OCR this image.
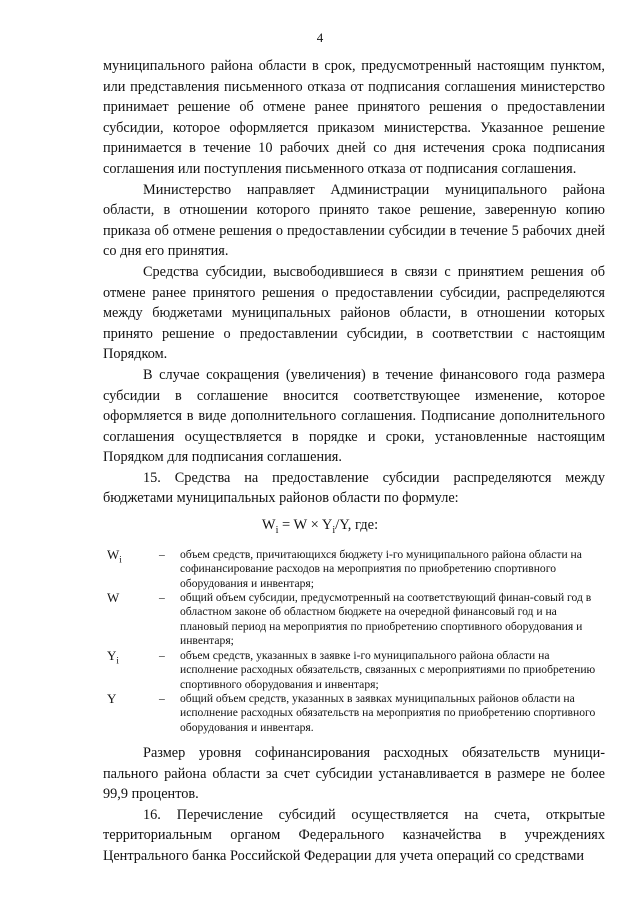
4

муниципального района области в срок, предусмотренный настоящим пунктом, или представления письменного отказа от подписания соглашения министерство принимает решение об отмене ранее принятого решения о предоставлении субсидии, которое оформляется приказом министерства. Указанное решение принимается в течение 10 рабочих дней со дня истечения срока подписания соглашения или поступления письменного отказа от подписания соглашения.

Министерство направляет Администрации муниципального района области, в отношении которого принято такое решение, заверенную копию приказа об отмене решения о предоставлении субсидии в течение 5 рабочих дней со дня его принятия.

Средства субсидии, высвободившиеся в связи с принятием решения об отмене ранее принятого решения о предоставлении субсидии, распределяются между бюджетами муниципальных районов области, в отношении которых принято решение о предоставлении субсидии, в соответствии с настоящим Порядком.

В случае сокращения (увеличения) в течение финансового года размера субсидии в соглашение вносится соответствующее изменение, которое оформляется в виде дополнительного соглашения. Подписание дополнительного соглашения осуществляется в порядке и сроки, установленные настоящим Порядком для подписания соглашения.

15. Средства на предоставление субсидии распределяются между бюджетами муниципальных районов области по формуле:

$W_i = W \times Y_i/Y$, где:
$W_i$	– объем средств, причитающихся бюджету i-го муниципального района области на софинансирование расходов на мероприятия по приобретению спортивного оборудования и инвентаря;
W	– общий объем субсидии, предусмотренный на соответствующий финан-совый год в областном законе об областном бюджете на очередной финансовый год и на плановый период на мероприятия по приобретению спортивного оборудования и инвентаря;
$Y_i$	– объем средств, указанных в заявке i-го муниципального района области на исполнение расходных обязательств, связанных с мероприятиями по приобретению спортивного оборудования и инвентаря;
Y	– общий объем средств, указанных в заявках муниципальных районов области на исполнение расходных обязательств на мероприятия по приобретению спортивного оборудования и инвентаря.

Размер уровня софинансирования расходных обязательств муници-пального района области за счет субсидии устанавливается в размере не более 99,9 процентов.

16. Перечисление субсидий осуществляется на счета, открытые территориальным органом Федерального казначейства в учреждениях Центрального банка Российской Федерации для учета операций со средствами
